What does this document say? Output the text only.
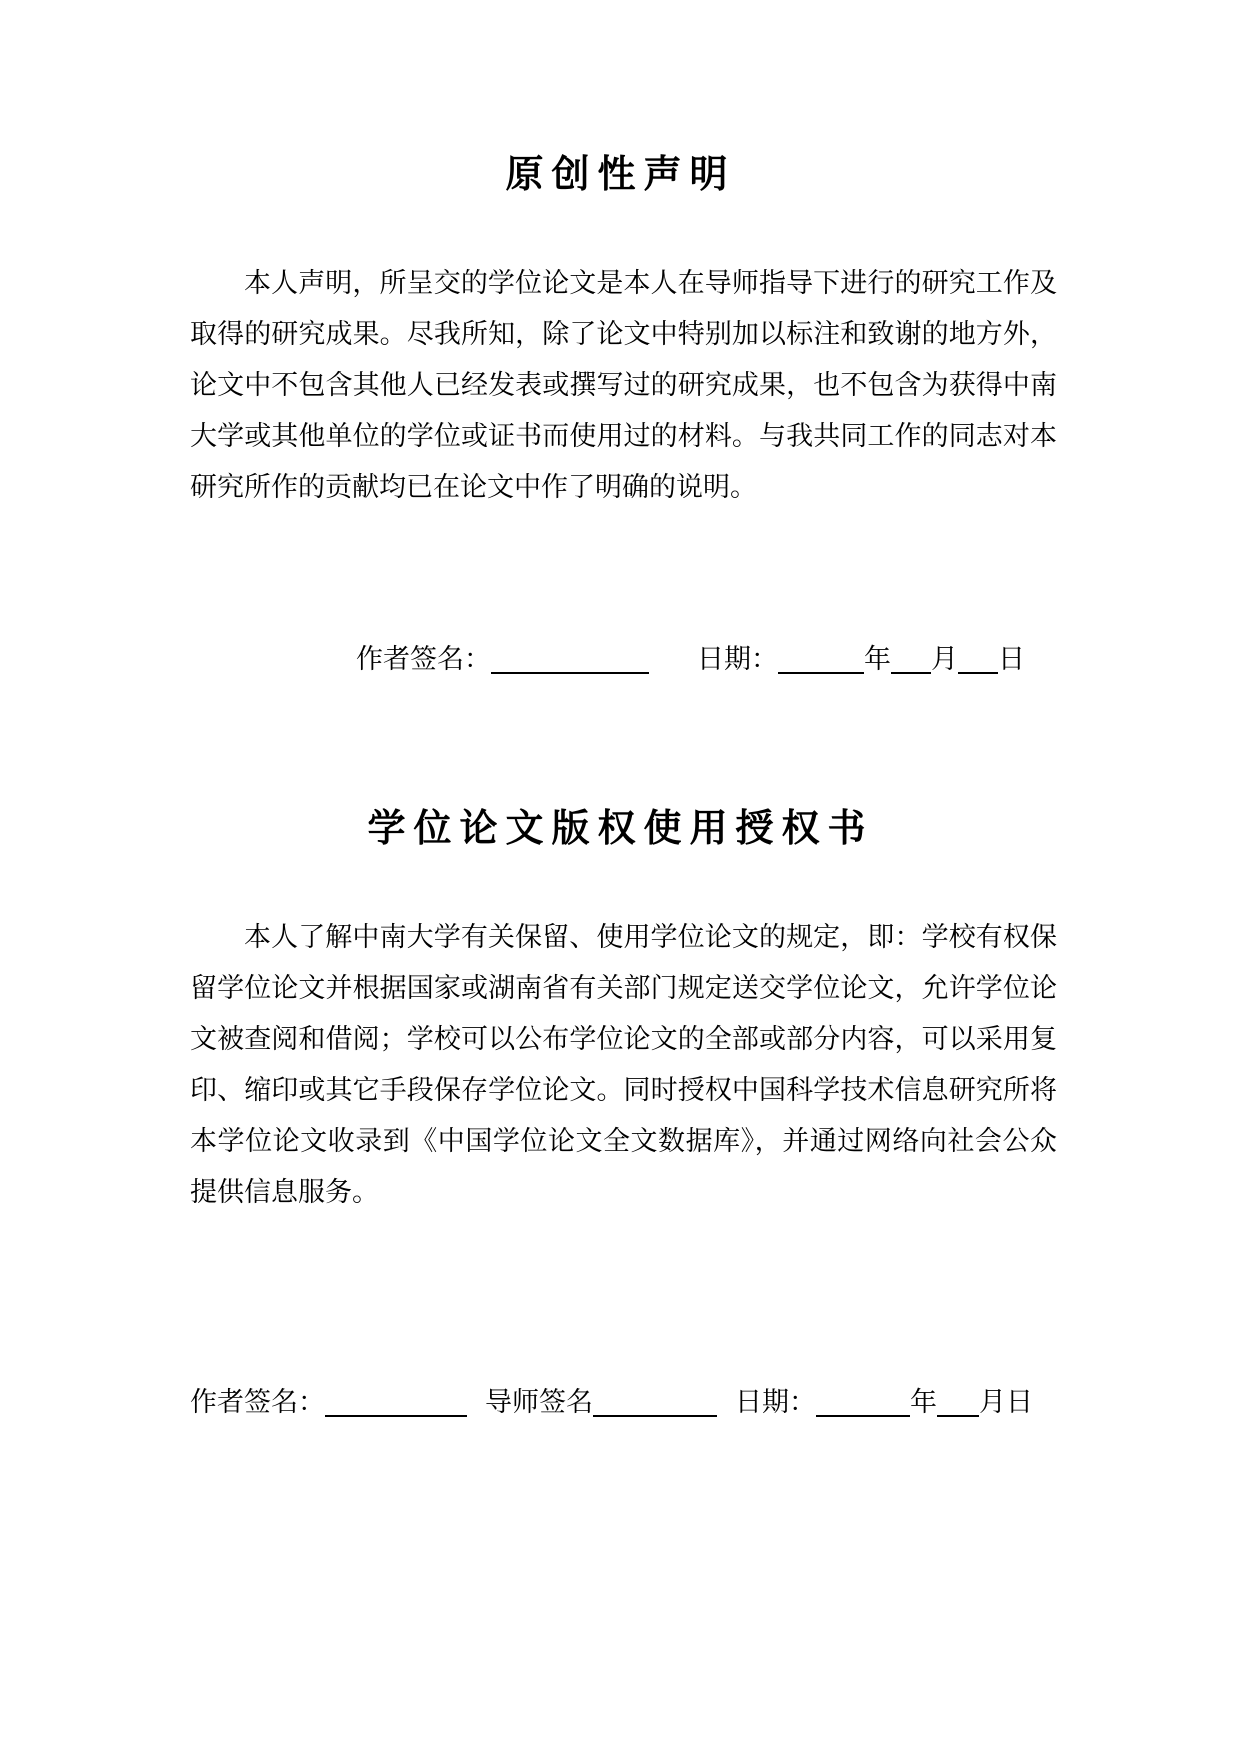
原创性声明

本人声明，所呈交的学位论文是本人在导师指导下进行的研究工作及取得的研究成果。尽我所知，除了论文中特别加以标注和致谢的地方外，论文中不包含其他人已经发表或撰写过的研究成果，也不包含为获得中南大学或其他单位的学位或证书而使用过的材料。与我共同工作的同志对本研究所作的贡献均已在论文中作了明确的说明。

作者签名：	日期：	年 月 日
学位论文版权使用授权书

本人了解中南大学有关保留、使用学位论文的规定，即：学校有权保留学位论文并根据国家或湖南省有关部门规定送交学位论文，允许学位论文被查阅和借阅；学校可以公布学位论文的全部或部分内容，可以采用复印、缩印或其它手段保存学位论文。同时授权中国科学技术信息研究所将本学位论文收录到《中国学位论文全文数据库》，并通过网络向社会公众提供信息服务。

作者签名：	导师签名	日期：	年 月日
